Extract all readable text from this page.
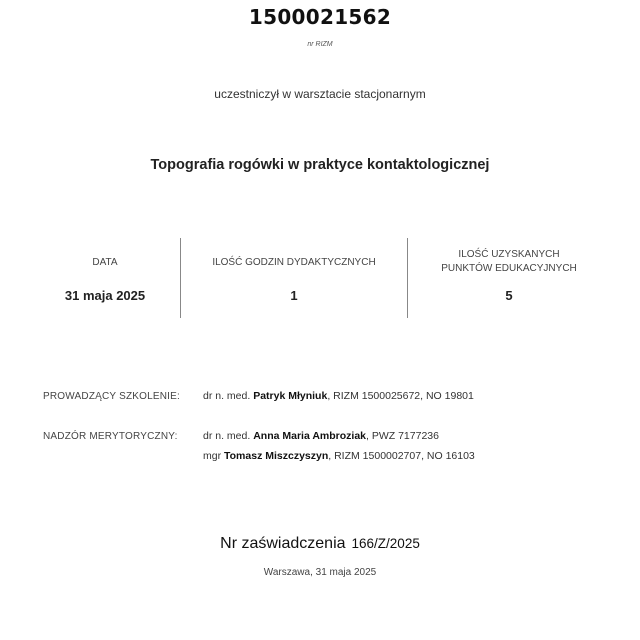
1500021562
nr RIZM
uczestniczył w warsztacie stacjonarnym
Topografia rogówki w praktyce kontaktologicznej
DATA
31 maja 2025
ILOŚĆ GODZIN DYDAKTYCZNYCH
1
ILOŚĆ UZYSKANYCH
PUNKTÓW EDUKACYJNYCH
5
PROWADZĄCY SZKOLENIE: dr n. med. Patryk Młyniuk, RIZM 1500025672, NO 19801
NADZÓR MERYTORYCZNY: dr n. med. Anna Maria Ambroziak, PWZ 7177236
mgr Tomasz Miszczyszyn, RIZM 1500002707, NO 16103
Nr zaświadczenia 166/Z/2025
Warszawa, 31 maja 2025
